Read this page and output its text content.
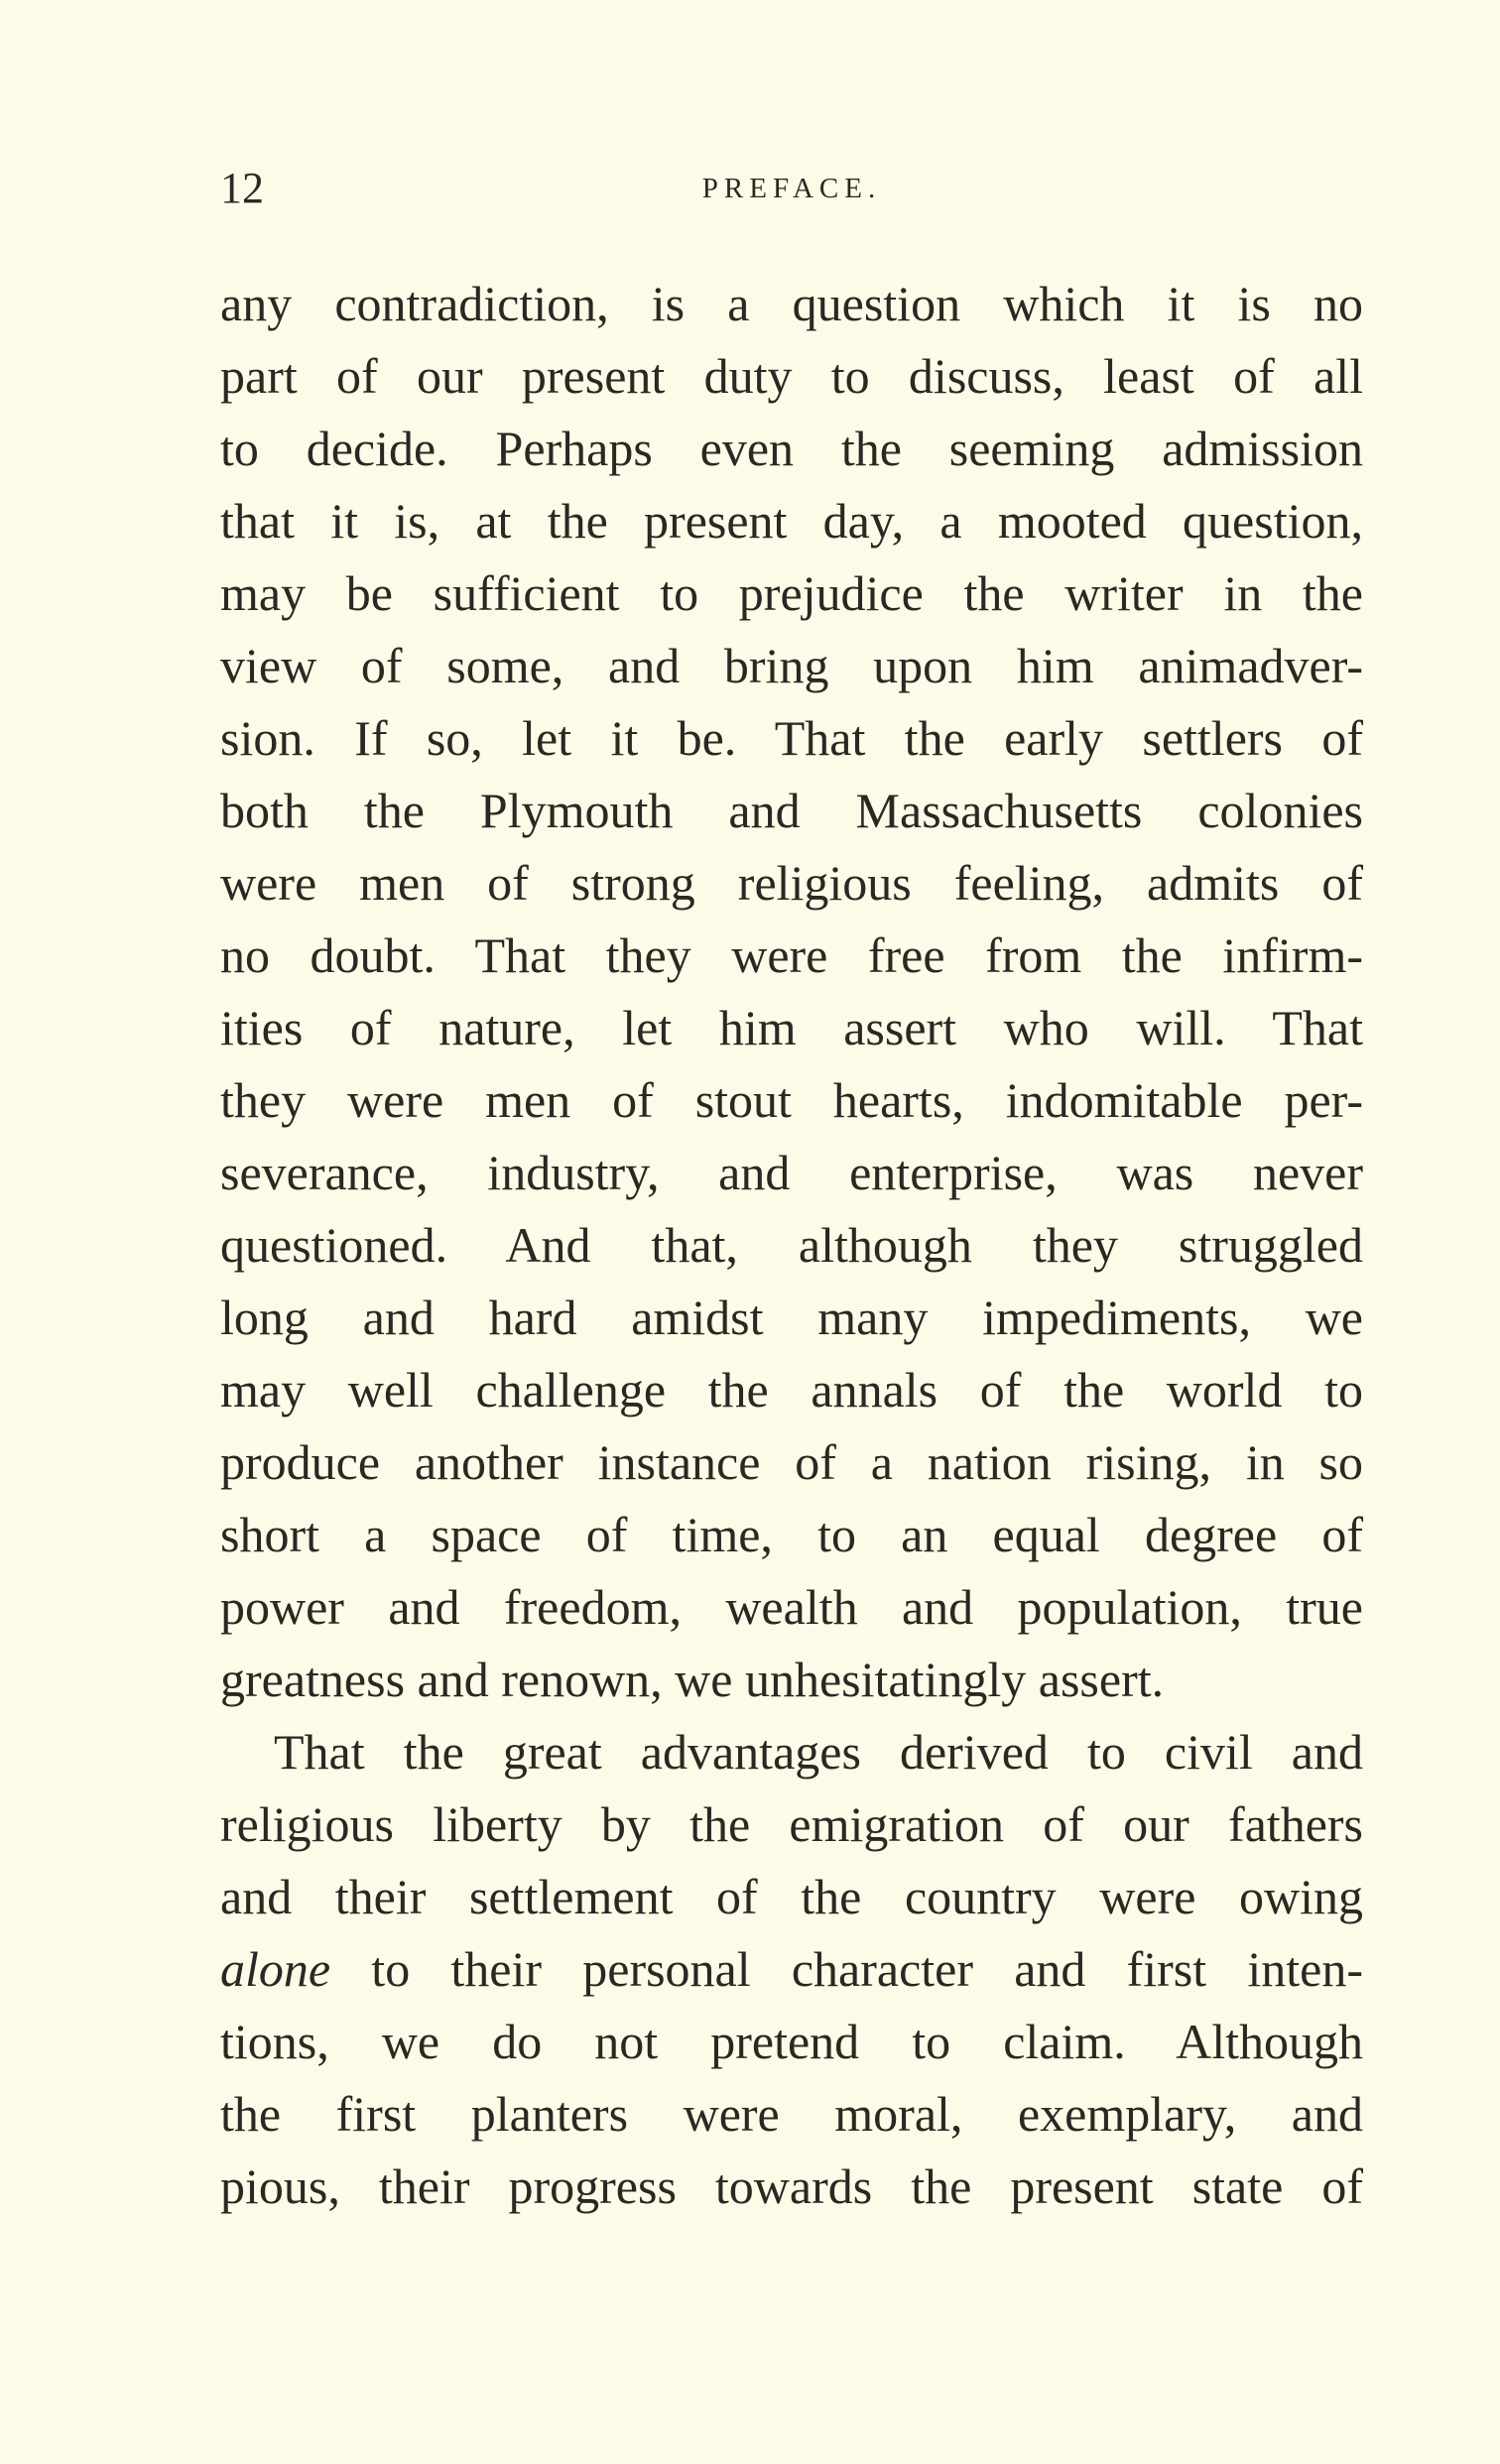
12	PREFACE.
any contradiction, is a question which it is no
part of our present duty to discuss, least of all
to decide. Perhaps even the seeming admission
that it is, at the present day, a mooted question,
may be sufficient to prejudice the writer in the
view of some, and bring upon him animadver-
sion. If so, let it be. That the early settlers of
both the Plymouth and Massachusetts colonies
were men of strong religious feeling, admits of
no doubt. That they were free from the infirm-
ities of nature, let him assert who will. That
they were men of stout hearts, indomitable per-
severance, industry, and enterprise, was never
questioned. And that, although they struggled
long and hard amidst many impediments, we
may well challenge the annals of the world to
produce another instance of a nation rising, in so
short a space of time, to an equal degree of
power and freedom, wealth and population, true
greatness and renown, we unhesitatingly assert.
That the great advantages derived to civil and
religious liberty by the emigration of our fathers
and their settlement of the country were owing
alone to their personal character and first inten-
tions, we do not pretend to claim. Although
the first planters were moral, exemplary, and
pious, their progress towards the present state of
